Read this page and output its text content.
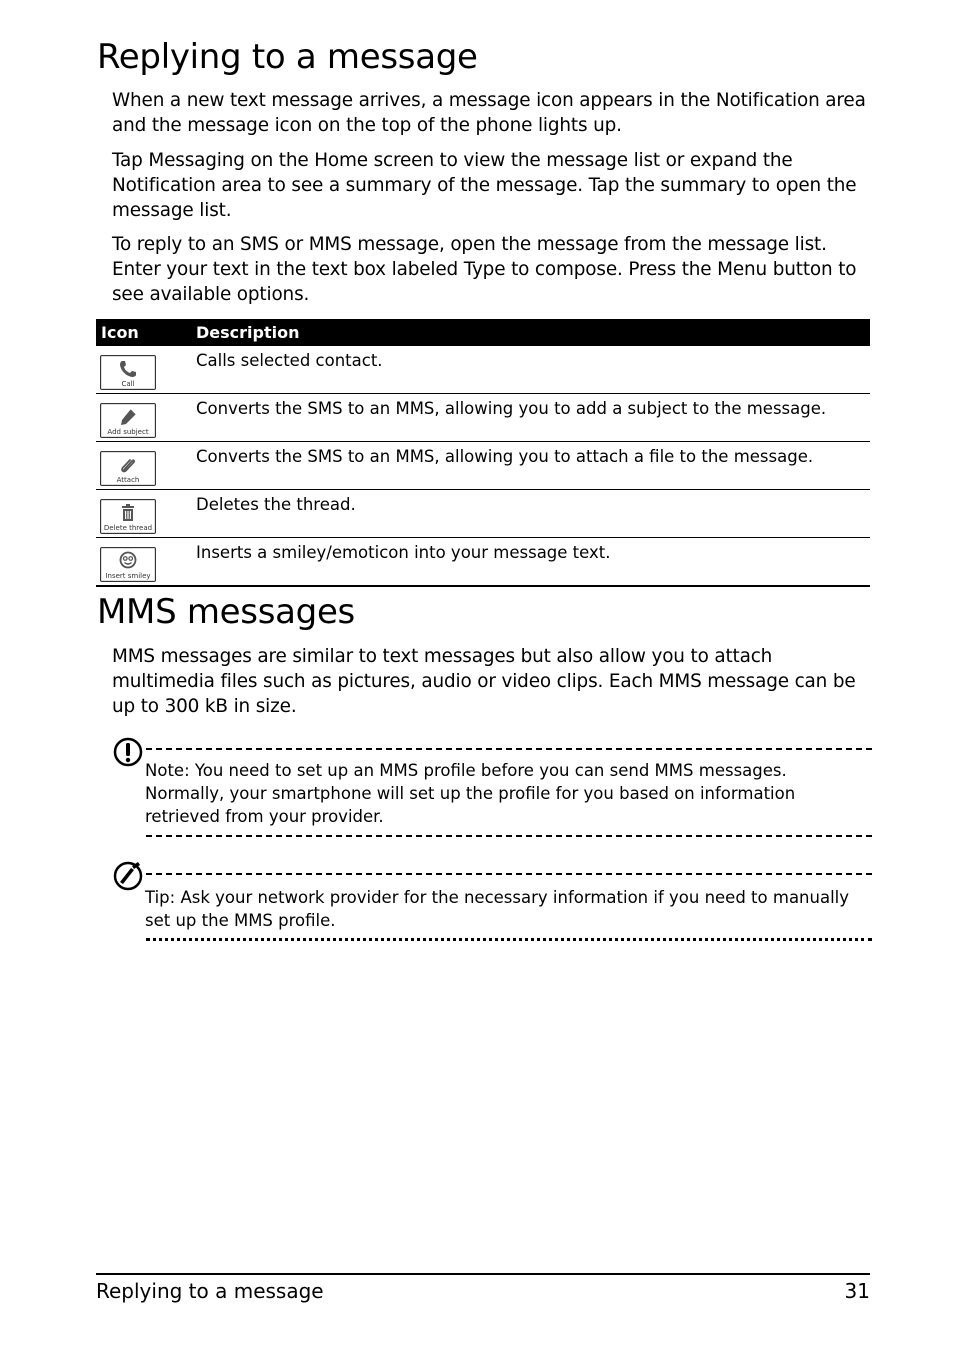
Replying to a message

When a new text message arrives, a message icon appears in the Notification area and the message icon on the top of the phone lights up.

Tap Messaging on the Home screen to view the message list or expand the Notification area to see a summary of the message. Tap the summary to open the message list.

To reply to an SMS or MMS message, open the message from the message list. Enter your text in the text box labeled Type to compose. Press the Menu button to see available options.

Icon	Description
Call
Calls selected contact.
Add subject
Converts the SMS to an MMS, allowing you to add a subject to the message.
Attach
Converts the SMS to an MMS, allowing you to attach a file to the message.
Delete thread
Deletes the thread.
Insert smiley
Inserts a smiley/emoticon into your message text.
MMS messages

MMS messages are similar to text messages but also allow you to attach multimedia files such as pictures, audio or video clips. Each MMS message can be up to 300 kB in size.

Note: You need to set up an MMS profile before you can send MMS messages. Normally, your smartphone will set up the profile for you based on information retrieved from your provider.
Tip: Ask your network provider for the necessary information if you need to manually set up the MMS profile.
Replying to a message	31
